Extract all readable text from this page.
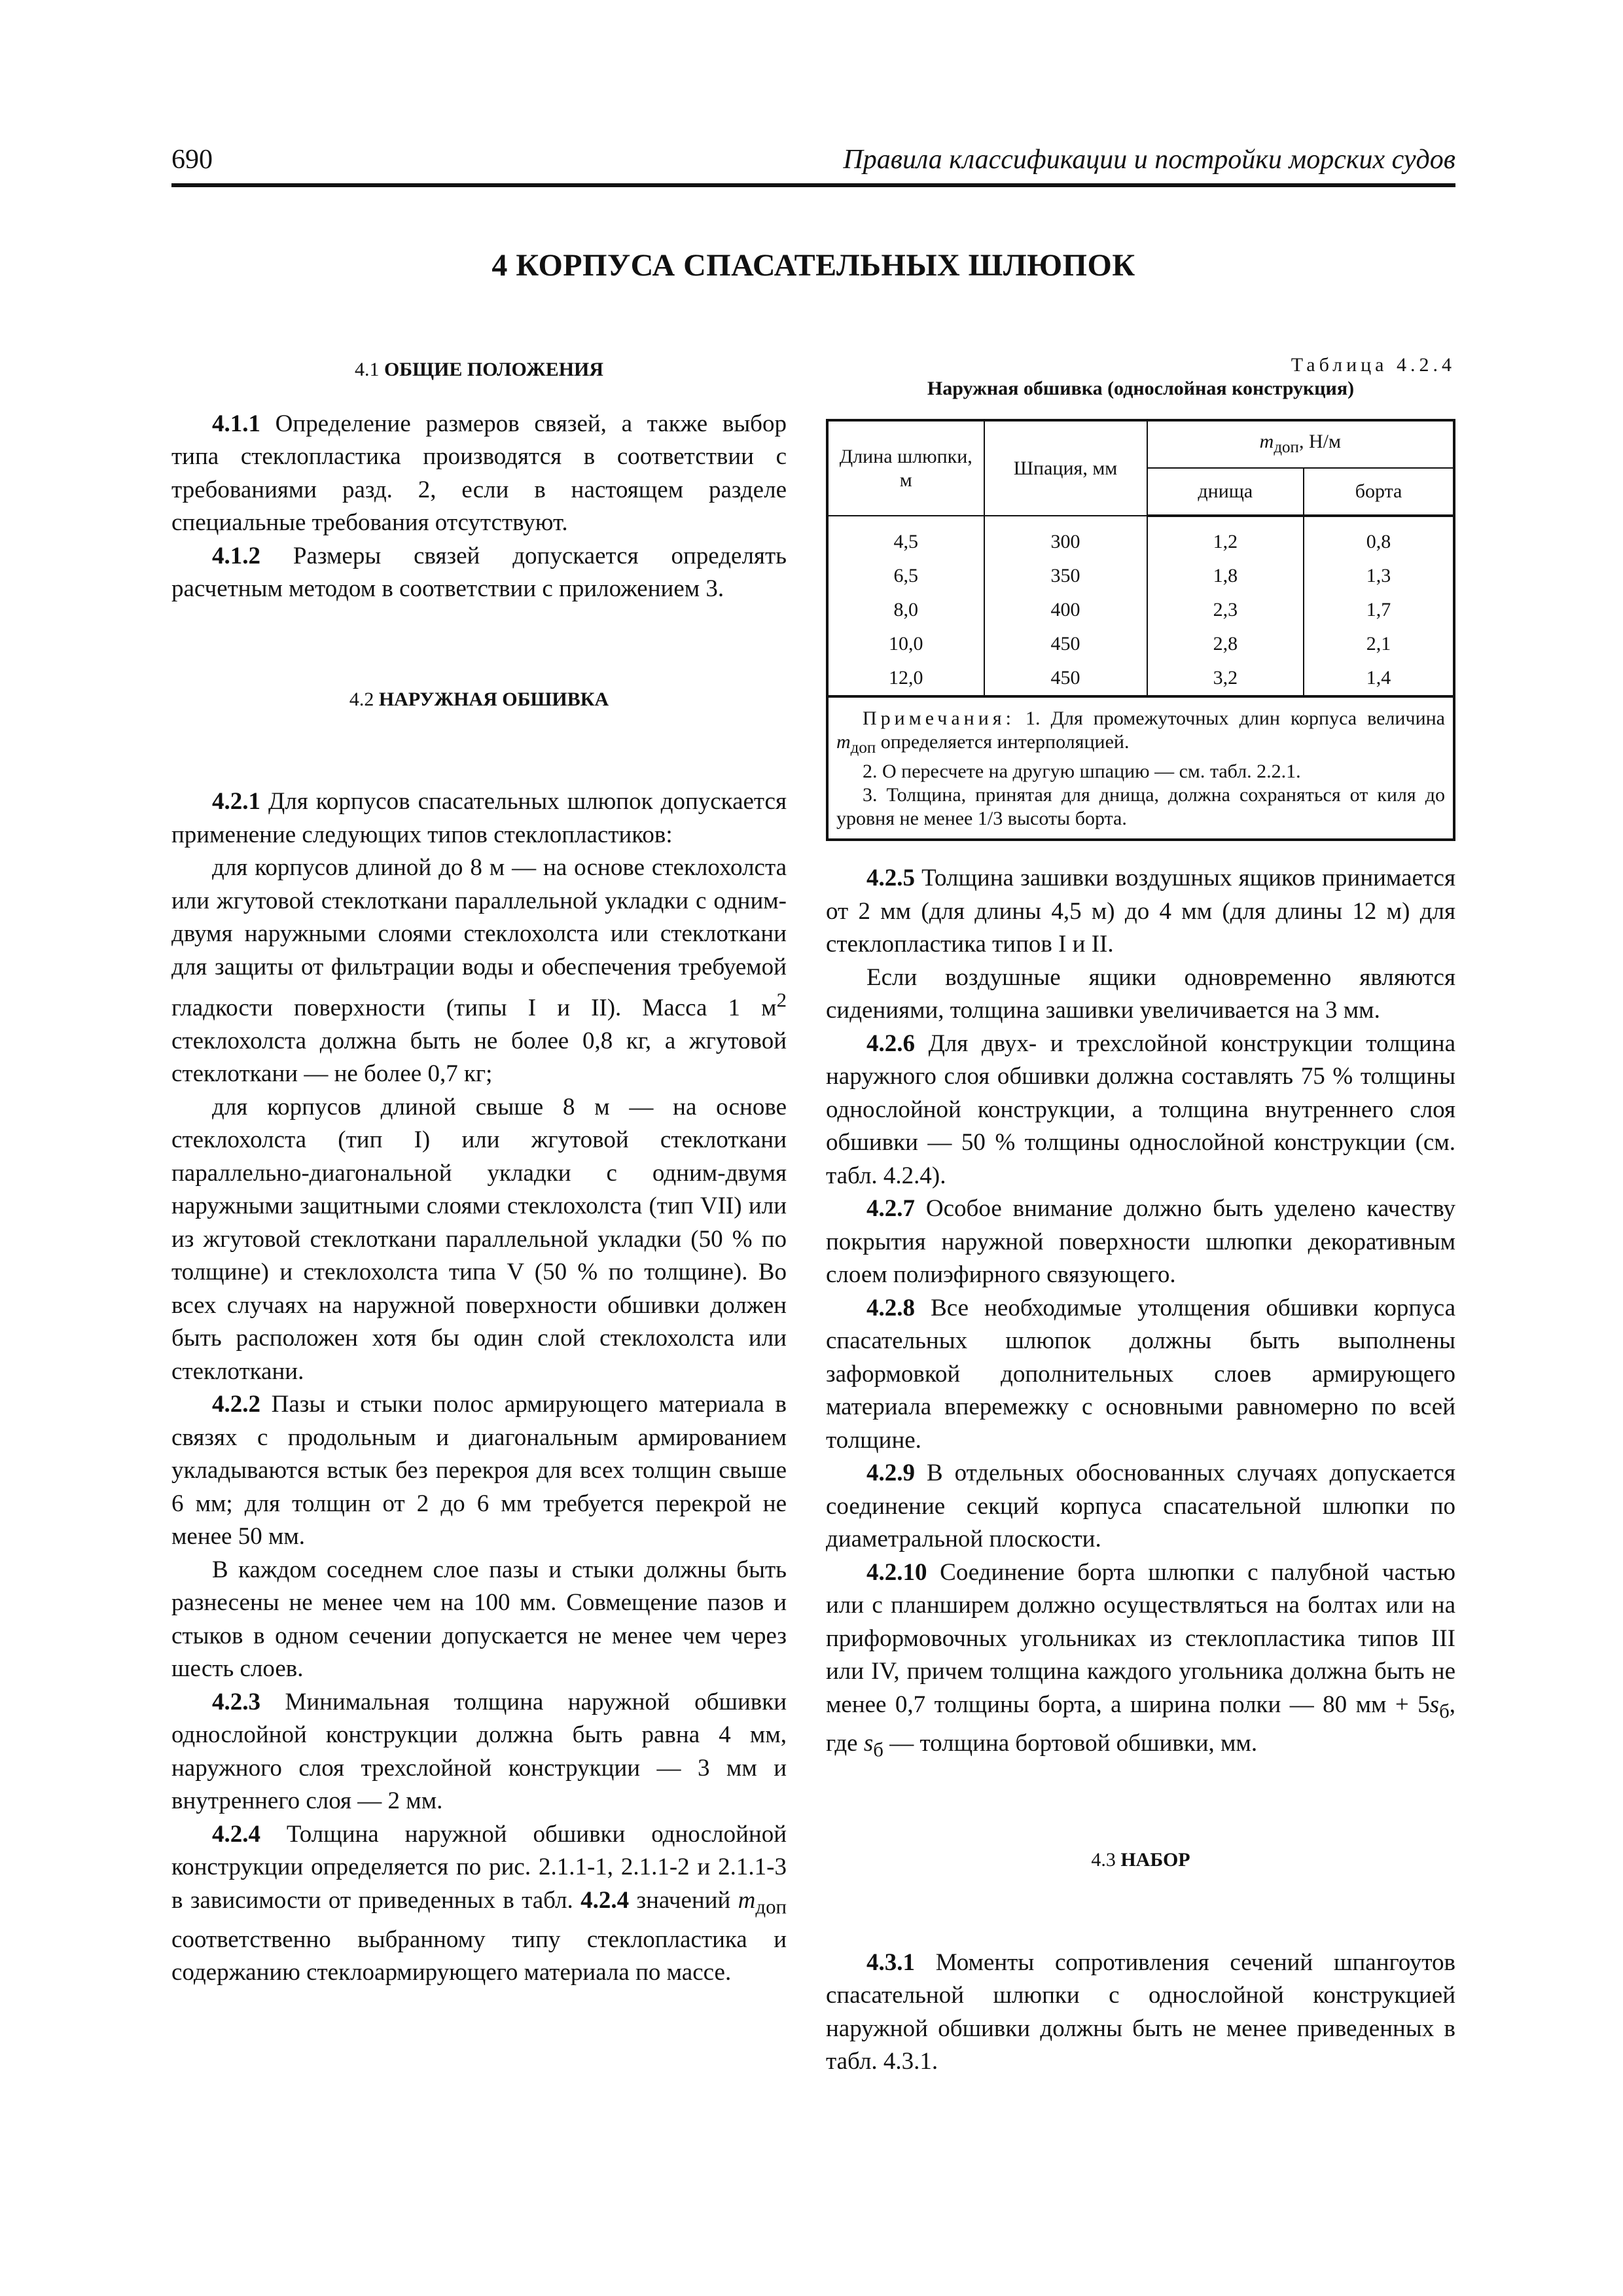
690	Правила классификации и постройки морских судов
4 КОРПУСА СПАСАТЕЛЬНЫХ ШЛЮПОК
4.1 ОБЩИЕ ПОЛОЖЕНИЯ

4.1.1 Определение размеров связей, а также выбор типа стеклопластика производятся в соответствии с требованиями разд. 2, если в настоящем разделе специальные требования отсутствуют.

4.1.2 Размеры связей допускается определять расчетным методом в соответствии с приложением 3.

4.2 НАРУЖНАЯ ОБШИВКА

4.2.1 Для корпусов спасательных шлюпок допускается применение следующих типов стеклопластиков:

для корпусов длиной до 8 м — на основе стеклохолста или жгутовой стеклоткани параллельной укладки с одним-двумя наружными слоями стеклохолста или стеклоткани для защиты от фильтрации воды и обеспечения требуемой гладкости поверхности (типы I и II). Масса 1 $м^2$ стеклохолста должна быть не более 0,8 кг, а жгутовой стеклоткани — не более 0,7 кг;

для корпусов длиной свыше 8 м — на основе стеклохолста (тип I) или жгутовой стеклоткани параллельно-диагональной укладки с одним-двумя наружными защитными слоями стеклохолста (тип VII) или из жгутовой стеклоткани параллельной укладки (50 % по толщине) и стеклохолста типа V (50 % по толщине). Во всех случаях на наружной поверхности обшивки должен быть расположен хотя бы один слой стеклохолста или стеклоткани.

4.2.2 Пазы и стыки полос армирующего материала в связях с продольным и диагональным армированием укладываются встык без перекроя для всех толщин свыше 6 мм; для толщин от 2 до 6 мм требуется перекрой не менее 50 мм.

В каждом соседнем слое пазы и стыки должны быть разнесены не менее чем на 100 мм. Совмещение пазов и стыков в одном сечении допускается не менее чем через шесть слоев.

4.2.3 Минимальная толщина наружной обшивки однослойной конструкции должна быть равна 4 мм, наружного слоя трехслойной конструкции — 3 мм и внутреннего слоя — 2 мм.

4.2.4 Толщина наружной обшивки однослойной конструкции определяется по рис. 2.1.1-1, 2.1.1-2 и 2.1.1-3 в зависимости от приведенных в табл. 4.2.4 значений $m_{доп}$ соответственно выбранному типу стеклопластика и содержанию стеклоармирующего материала по массе.

Таблица 4.2.4
Наружная обшивка (однослойная конструкция)
Длина шлюпки, м	Шпация, мм	$m_{доп}$, Н/м	
		днища	борта
4,5	300	1,2	0,8
6,5	350	1,8	1,3
8,0	400	2,3	1,7
10,0	450	2,8	2,1
12,0	450	3,2	1,4

Примечания: 1. Для промежуточных длин корпуса величина $m_{доп}$ определяется интерполяцией.
2. О пересчете на другую шпацию — см. табл. 2.2.1.
3. Толщина, принятая для днища, должна сохраняться от киля до уровня не менее 1/3 высоты борта.			

4.2.5 Толщина зашивки воздушных ящиков принимается от 2 мм (для длины 4,5 м) до 4 мм (для длины 12 м) для стеклопластика типов I и II.

Если воздушные ящики одновременно являются сидениями, толщина зашивки увеличивается на 3 мм.

4.2.6 Для двух- и трехслойной конструкции толщина наружного слоя обшивки должна составлять 75 % толщины однослойной конструкции, а толщина внутреннего слоя обшивки — 50 % толщины однослойной конструкции (см. табл. 4.2.4).

4.2.7 Особое внимание должно быть уделено качеству покрытия наружной поверхности шлюпки декоративным слоем полиэфирного связующего.

4.2.8 Все необходимые утолщения обшивки корпуса спасательных шлюпок должны быть выполнены заформовкой дополнительных слоев армирующего материала вперемежку с основными равномерно по всей толщине.

4.2.9 В отдельных обоснованных случаях допускается соединение секций корпуса спасательной шлюпки по диаметральной плоскости.

4.2.10 Соединение борта шлюпки с палубной частью или с планширем должно осуществляться на болтах или на приформовочных угольниках из стеклопластика типов III или IV, причем толщина каждого угольника должна быть не менее 0,7 толщины борта, а ширина полки — 80 мм + $5s_б$, где $s_б$ — толщина бортовой обшивки, мм.

4.3 НАБОР

4.3.1 Моменты сопротивления сечений шпангоутов спасательной шлюпки с однослойной конструкцией наружной обшивки должны быть не менее приведенных в табл. 4.3.1.
